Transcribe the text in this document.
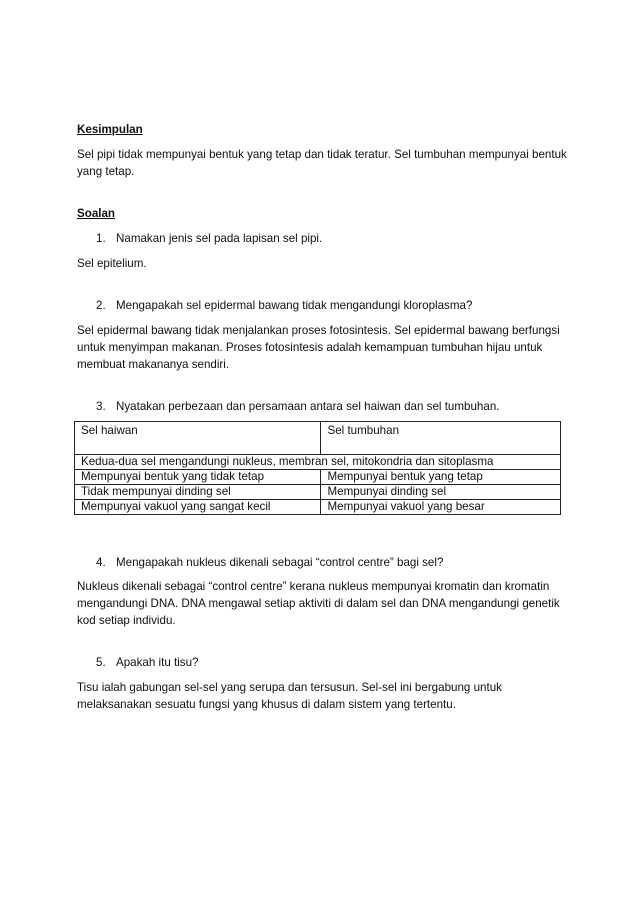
Kesimpulan

Sel pipi tidak mempunyai bentuk yang tetap dan tidak teratur. Sel tumbuhan mempunyai bentuk yang tetap.

Soalan
1. Namakan jenis sel pada lapisan sel pipi.

Sel epitelium.

2. Mengapakah sel epidermal bawang tidak mengandungi kloroplasma?

Sel epidermal bawang tidak menjalankan proses fotosintesis. Sel epidermal bawang berfungsi untuk menyimpan makanan. Proses fotosintesis adalah kemampuan tumbuhan hijau untuk membuat makananya sendiri.

3. Nyatakan perbezaan dan persamaan antara sel haiwan dan sel tumbuhan.
Sel haiwan	Sel tumbuhan
Kedua-dua sel mengandungi nukleus, membran sel, mitokondria dan sitoplasma	
Mempunyai bentuk yang tidak tetap	Mempunyai bentuk yang tetap
Tidak mempunyai dinding sel	Mempunyai dinding sel
Mempunyai vakuol yang sangat kecil	Mempunyai vakuol yang besar
4. Mengapakah nukleus dikenali sebagai “control centre” bagi sel?

Nukleus dikenali sebagai “control centre” kerana nukleus mempunyai kromatin dan kromatin mengandungi DNA. DNA mengawal setiap aktiviti di dalam sel dan DNA mengandungi genetik kod setiap individu.

5. Apakah itu tisu?

Tisu ialah gabungan sel-sel yang serupa dan tersusun. Sel-sel ini bergabung untuk melaksanakan sesuatu fungsi yang khusus di dalam sistem yang tertentu.
